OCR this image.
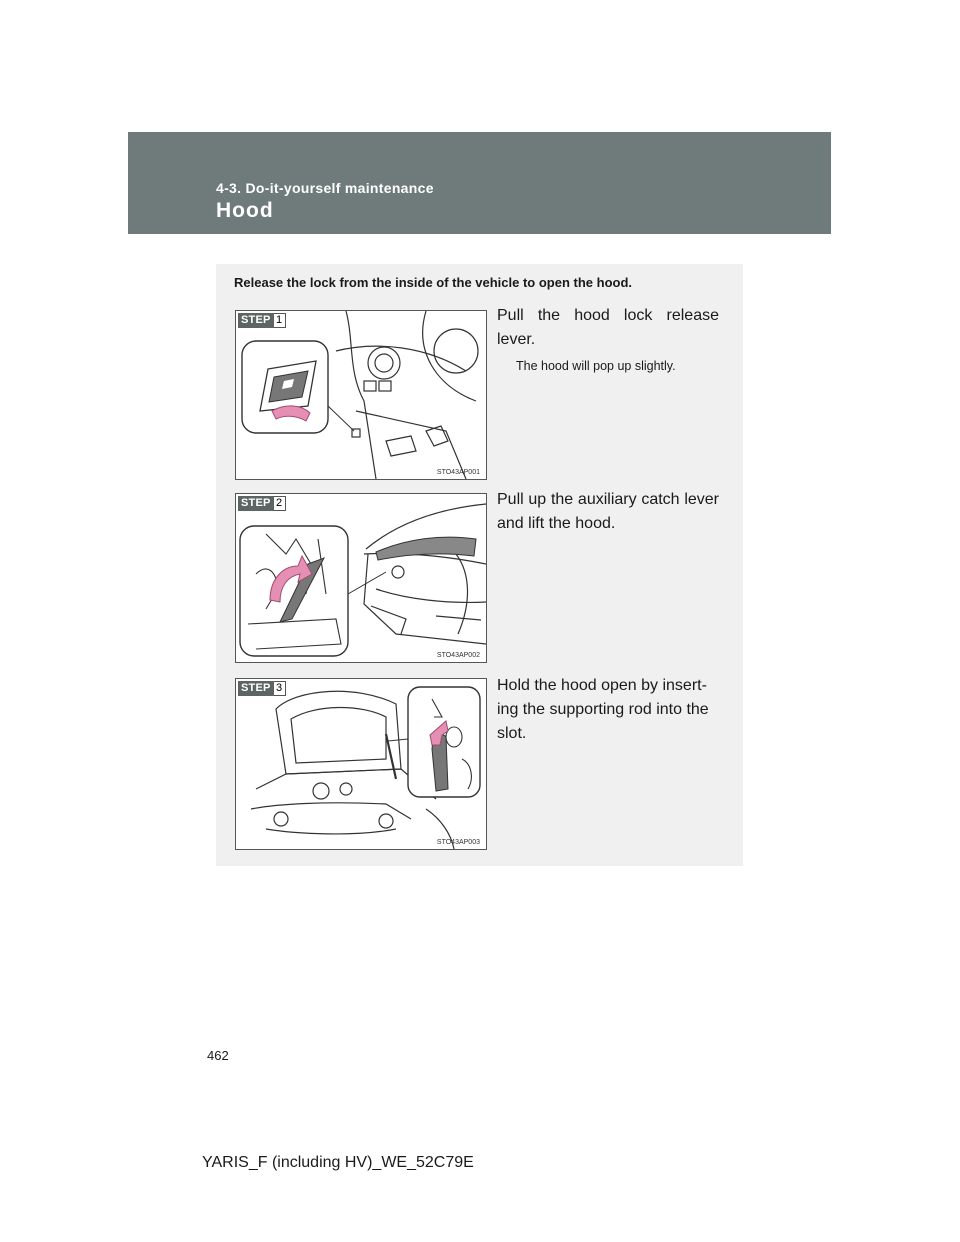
4-3. Do-it-yourself maintenance

Hood

Release the lock from the inside of the vehicle to open the hood.

STEP 1
STO43AP001

Pull the hood lock release lever.

The hood will pop up slightly.

STEP 2
STO43AP002

Pull up the auxiliary catch lever and lift the hood.

STEP 3
STO43AP003

Hold the hood open by insert-
ing the supporting rod into the
slot.

462

YARIS_F (including HV)_WE_52C79E
